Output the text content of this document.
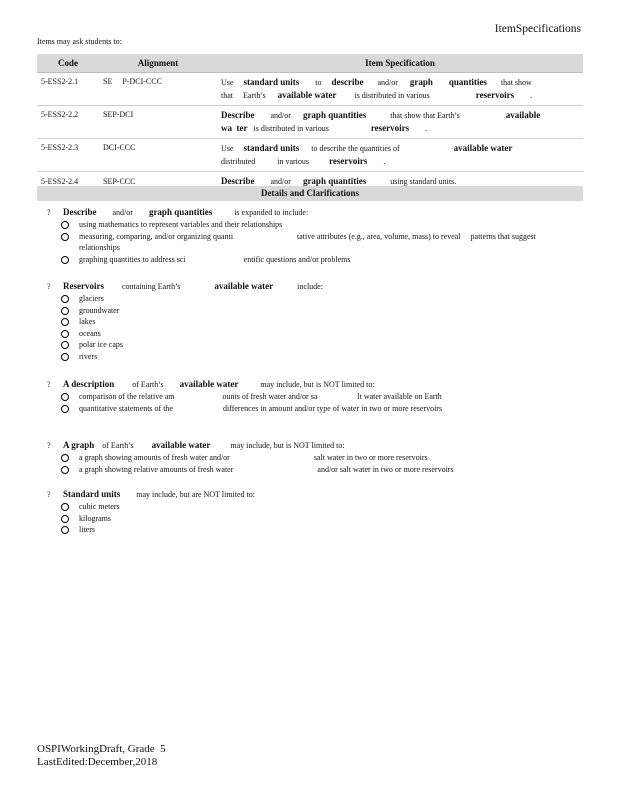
ItemSpecifications
Items may ask students to:
Code	Alignment	Item Specification
5-ESS2-2.1	SE     P-DCI-CCC	Use standard units to describe and/or graph quantities that show
that Earth’s available water is distributed in various reservoirs .
5-ESS2-2.2	SEP-DCI	Describe and/or graph quantities that show that Earth’s available
wa  ter is distributed in various reservoirs .
5-ESS2-2.3	DCI-CCC	Use standard units to describe the quantities of available water
distributed in various reservoirs .
5-ESS2-2.4	SEP-CCC	Describe and/or graph quantities using standard units.
Details and Clarifications
? Describe and/or graph quantities	is expanded to include:
using mathematics to represent variables and their relationships
measuring, comparing, and/or organizing quanti                                tative attributes (e.g., area, volume, mass) to reveal     patterns that suggest relationships
graphing quantities to address sci                             entific questions and/or problems
? Reservoirs containing Earth’s	available water	include:
glaciers
groundwater
lakes
oceans
polar ice caps
rivers
? A description of Earth’s available water	may include, but is NOT limited to:
comparison of the relative am                        ounts of fresh water and/or sa                    lt water available on Earth
quantitative statements of the                         differences in amount and/or type of water in two or more reservoirs
? A graph of Earth’s available water	may include, but is NOT limited to:
a graph showing amounts of fresh water and/or                                          salt water in two or more reservoirs
a graph showing relative amounts of fresh water                                          and/or salt water in two or more reservoirs
? Standard units may include, but are NOT limited to:
cubic meters
kilograms
liters
OSPIWorkingDraft, Grade  5
LastEdited:December,2018
